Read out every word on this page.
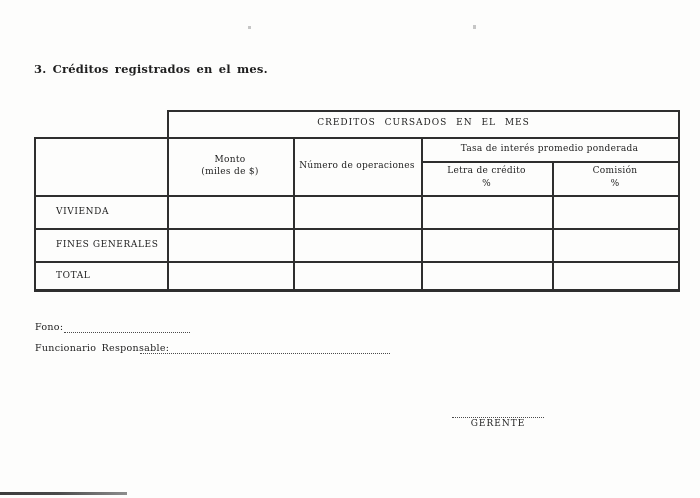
3. Créditos registrados en el mes.
CREDITOS CURSADOS EN EL MES
Monto
(miles de $)
Número de operaciones
Tasa de interés promedio ponderada
Letra de crédito
%
Comisión
%
VIVIENDA
FINES GENERALES
TOTAL
Fono:
Funcionario Responsable:
GERENTE
